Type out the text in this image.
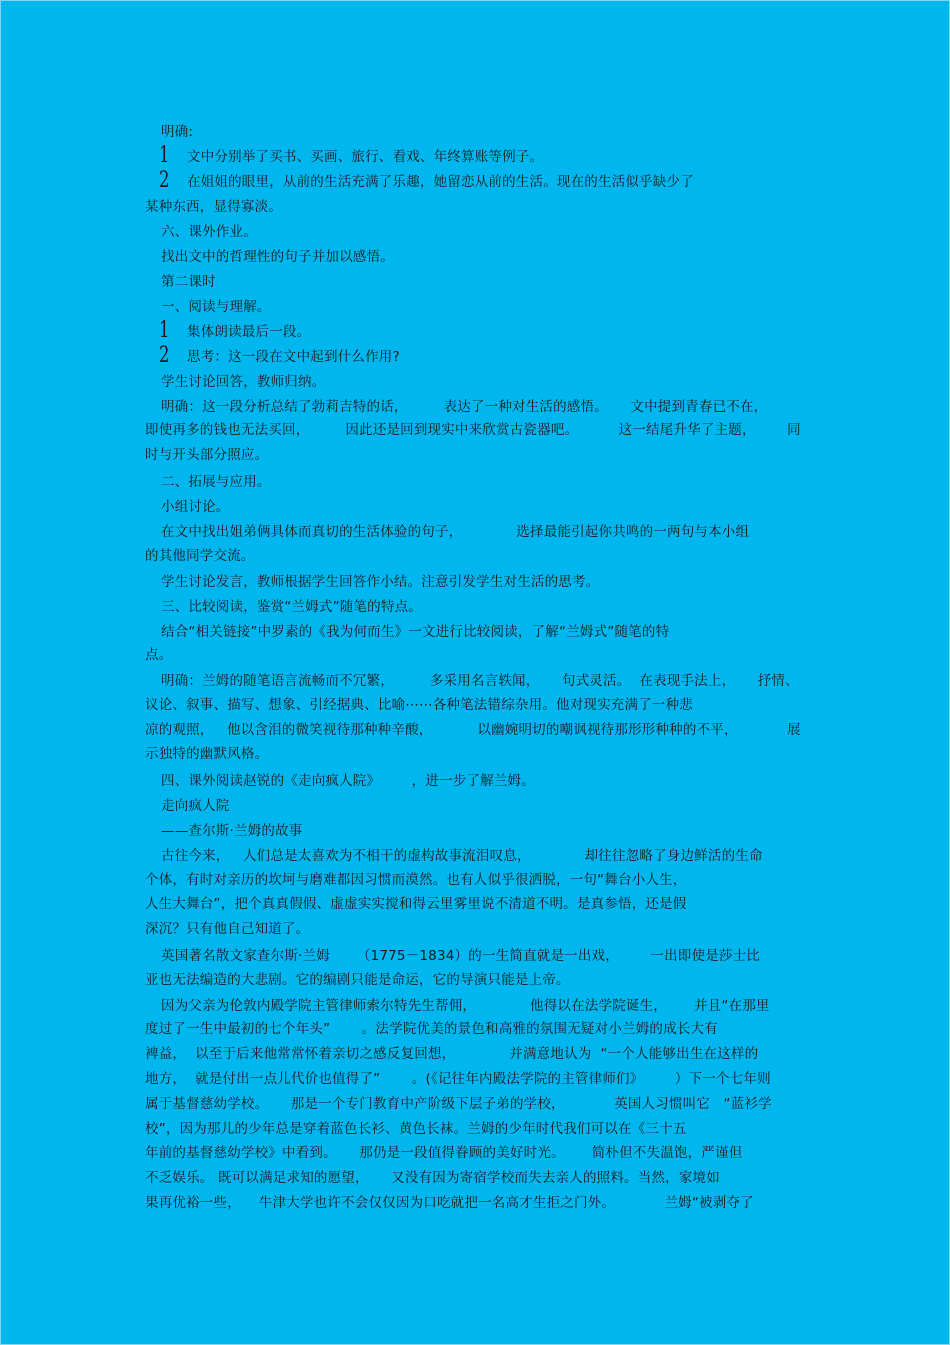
明确:
1 文中分别举了买书、买画、旅行、看戏、年终算账等例子。
2 在姐姐的眼里，从前的生活充满了乐趣，她留恋从前的生活。现在的生活似乎缺少了
某种东西，显得寡淡。
六、课外作业。
找出文中的哲理性的句子并加以感悟。
第二课时
一、阅读与理解。
1 集体朗读最后一段。
2 思考：这一段在文中起到什么作用?
学生讨论回答，教师归纳。
明确：这一段分析总结了勃莉吉特的话，        表达了一种对生活的感悟。     文中提到青春已不在，
即使再多的钱也无法买回，        因此还是回到现实中来欣赏古瓷器吧。         这一结尾升华了主题，       同
时与开头部分照应。
二、拓展与应用。
小组讨论。
在文中找出姐弟俩具体而真切的生活体验的句子，            选择最能引起你共鸣的一两句与本小组
的其他同学交流。
学生讨论发言，教师根据学生回答作小结。注意引发学生对生活的思考。
三、比较阅读，鉴赏“兰姆式”随笔的特点。
结合“相关链接”中罗素的《我为何而生》一文进行比较阅读，了解“兰姆式”随笔的特
点。
明确：兰姆的随笔语言流畅而不冗繁，        多采用名言轶闻，     句式灵活。  在表现手法上，     抒情、
议论、叙事、描写、想象、引经据典、比喻⋯⋯各种笔法错综杂用。他对现实充满了一种悲
凉的观照，   他以含泪的微笑视待那种种辛酸，          以幽婉明切的嘲讽视待那形形种种的不平，           展
示独特的幽默风格。
四、课外阅读赵锐的《走向疯人院》       ，进一步了解兰姆。
走向疯人院
——查尔斯·兰姆的故事
古往今来，   人们总是太喜欢为不相干的虚构故事流泪叹息，            却往往忽略了身边鲜活的生命
个体，有时对亲历的坎坷与磨难都因习惯而漠然。也有人似乎很洒脱，一句“舞台小人生，
人生大舞台”，把个真真假假、虚虚实实搅和得云里雾里说不清道不明。是真参悟，还是假
深沉？只有他自己知道了。
英国著名散文家查尔斯·兰姆      （1775－1834）的一生简直就是一出戏，       一出即使是莎士比
亚也无法编造的大悲剧。它的编剧只能是命运，它的导演只能是上帝。
因为父亲为伦敦内殿学院主管律师索尔特先生帮佣，            他得以在法学院诞生，      并且“在那里
度过了一生中最初的七个年头”       。法学院优美的景色和高雅的氛围无疑对小兰姆的成长大有
裨益，  以至于后来他常常怀着亲切之感反复回想，            并满意地认为  “一个人能够出生在这样的
地方，  就是付出一点儿代价也值得了”       。(《记往年内殿法学院的主管律师们》       ）下一个七年则
属于基督慈幼学校。     那是一个专门教育中产阶级下层子弟的学校，           英国人习惯叫它   “蓝衫学
校”，因为那儿的少年总是穿着蓝色长衫、黄色长袜。兰姆的少年时代我们可以在《三十五
年前的基督慈幼学校》中看到。     那仍是一段值得眷顾的美好时光。      简朴但不失温饱，严谨但
不乏娱乐。 既可以满足求知的愿望，     又没有因为寄宿学校而失去亲人的照料。当然，家境如
果再优裕一些，    牛津大学也许不会仅仅因为口吃就把一名高才生拒之门外。           兰姆“被剥夺了
